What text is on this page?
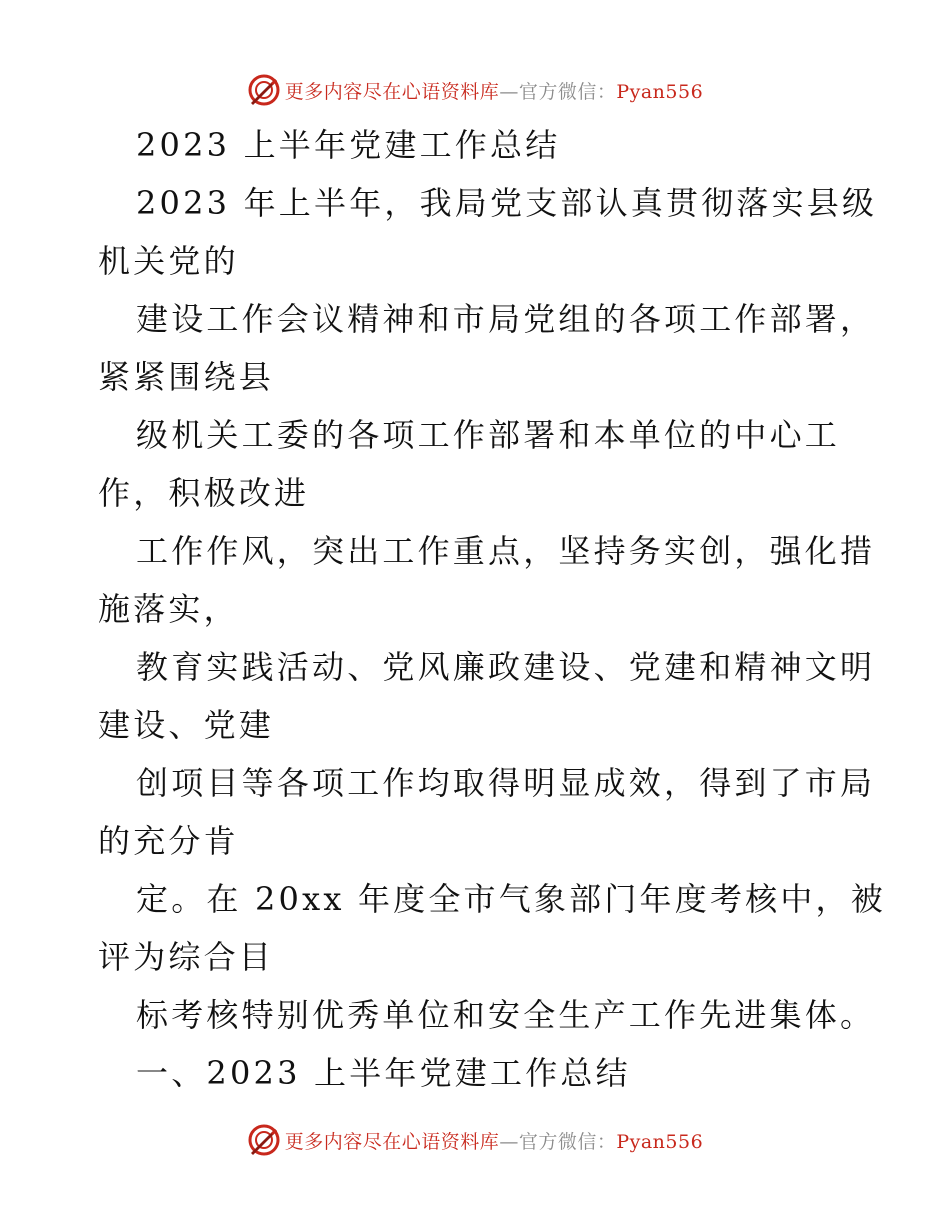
更多内容尽在心语资料库—官方微信：Pyan556
2023 上半年党建工作总结
2023 年上半年，我局党支部认真贯彻落实县级
机关党的
建设工作会议精神和市局党组的各项工作部署，
紧紧围绕县
级机关工委的各项工作部署和本单位的中心工
作，积极改进
工作作风，突出工作重点，坚持务实创，强化措
施落实，
教育实践活动、党风廉政建设、党建和精神文明
建设、党建
创项目等各项工作均取得明显成效，得到了市局
的充分肯
定。在 20xx 年度全市气象部门年度考核中，被
评为综合目
标考核特别优秀单位和安全生产工作先进集体。
一、2023 上半年党建工作总结
更多内容尽在心语资料库—官方微信：Pyan556
